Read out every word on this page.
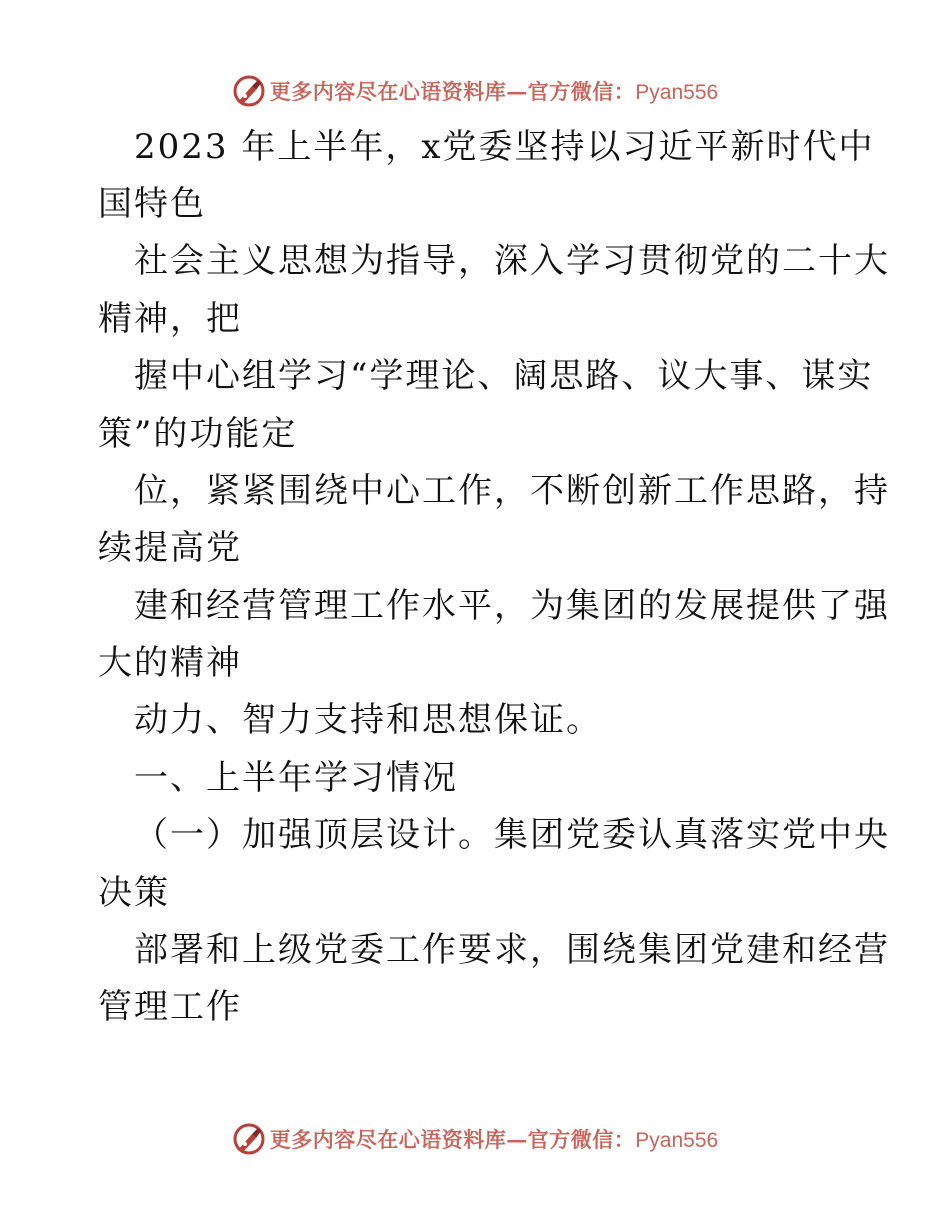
更多内容尽在心语资料库—官方微信： Pyan556
2023 年上半年，x党委坚持以习近平新时代中
国特色
社会主义思想为指导，深入学习贯彻党的二十大
精神，把
握中心组学习“学理论、阔思路、议大事、谋实
策”的功能定
位，紧紧围绕中心工作，不断创新工作思路，持
续提高党
建和经营管理工作水平，为集团的发展提供了强
大的精神
动力、智力支持和思想保证。
一、上半年学习情况
（一）加强顶层设计。集团党委认真落实党中央
决策
部署和上级党委工作要求，围绕集团党建和经营
管理工作
更多内容尽在心语资料库—官方微信： Pyan556
